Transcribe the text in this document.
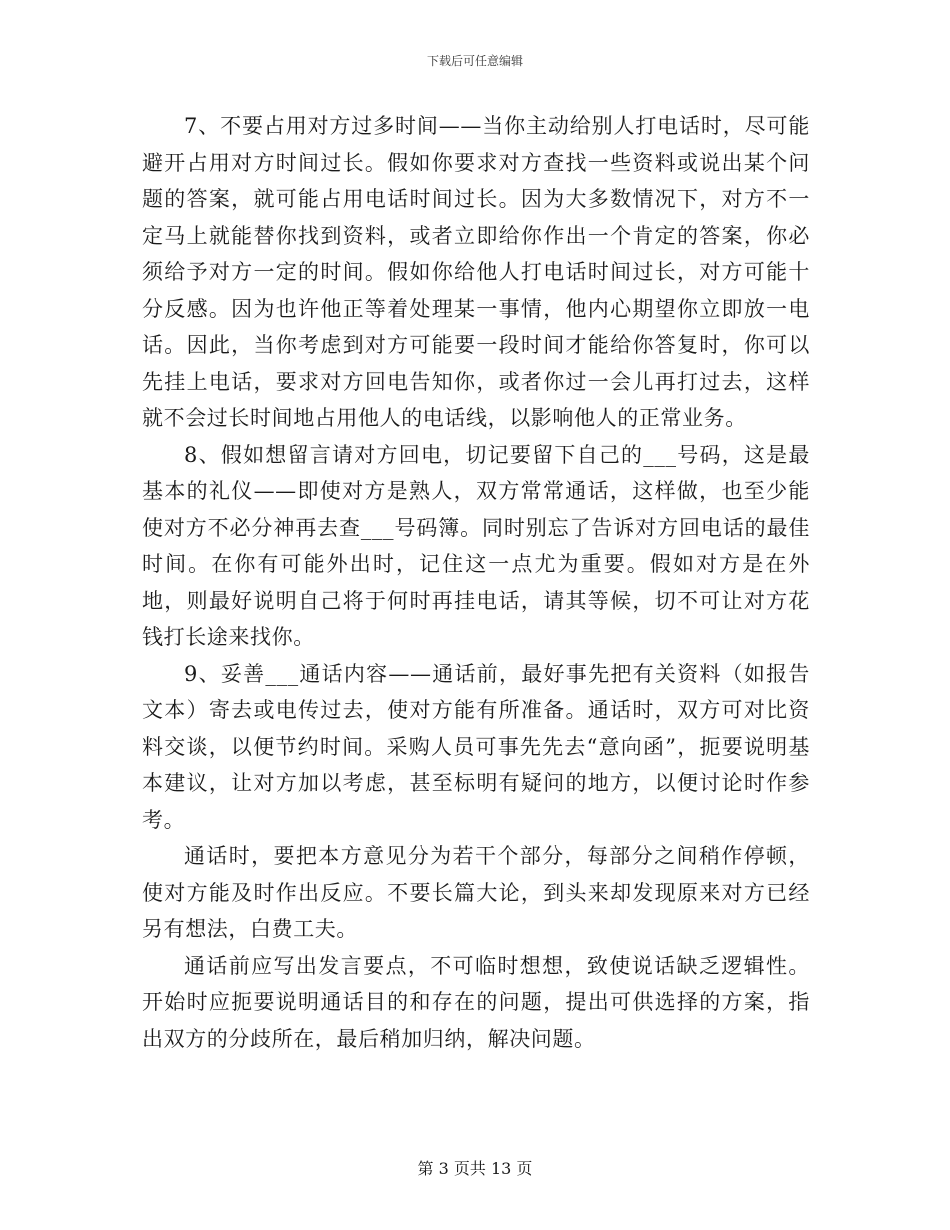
下载后可任意编辑

7、不要占用对方过多时间——当你主动给别人打电话时，尽可能避开占用对方时间过长。假如你要求对方查找一些资料或说出某个问题的答案，就可能占用电话时间过长。因为大多数情况下，对方不一定马上就能替你找到资料，或者立即给你作出一个肯定的答案，你必须给予对方一定的时间。假如你给他人打电话时间过长，对方可能十分反感。因为也许他正等着处理某一事情，他内心期望你立即放一电话。因此，当你考虑到对方可能要一段时间才能给你答复时，你可以先挂上电话，要求对方回电告知你，或者你过一会儿再打过去，这样就不会过长时间地占用他人的电话线，以影响他人的正常业务。

8、假如想留言请对方回电，切记要留下自己的___号码，这是最基本的礼仪——即使对方是熟人，双方常常通话，这样做，也至少能使对方不必分神再去查___号码簿。同时别忘了告诉对方回电话的最佳时间。在你有可能外出时，记住这一点尤为重要。假如对方是在外地，则最好说明自己将于何时再挂电话，请其等候，切不可让对方花钱打长途来找你。

9、妥善___通话内容——通话前，最好事先把有关资料（如报告文本）寄去或电传过去，使对方能有所准备。通话时，双方可对比资料交谈，以便节约时间。采购人员可事先先去“意向函”，扼要说明基本建议，让对方加以考虑，甚至标明有疑问的地方，以便讨论时作参考。

通话时，要把本方意见分为若干个部分，每部分之间稍作停顿，使对方能及时作出反应。不要长篇大论，到头来却发现原来对方已经另有想法，白费工夫。

通话前应写出发言要点，不可临时想想，致使说话缺乏逻辑性。开始时应扼要说明通话目的和存在的问题，提出可供选择的方案，指出双方的分歧所在，最后稍加归纳，解决问题。

第 3 页共 13 页
